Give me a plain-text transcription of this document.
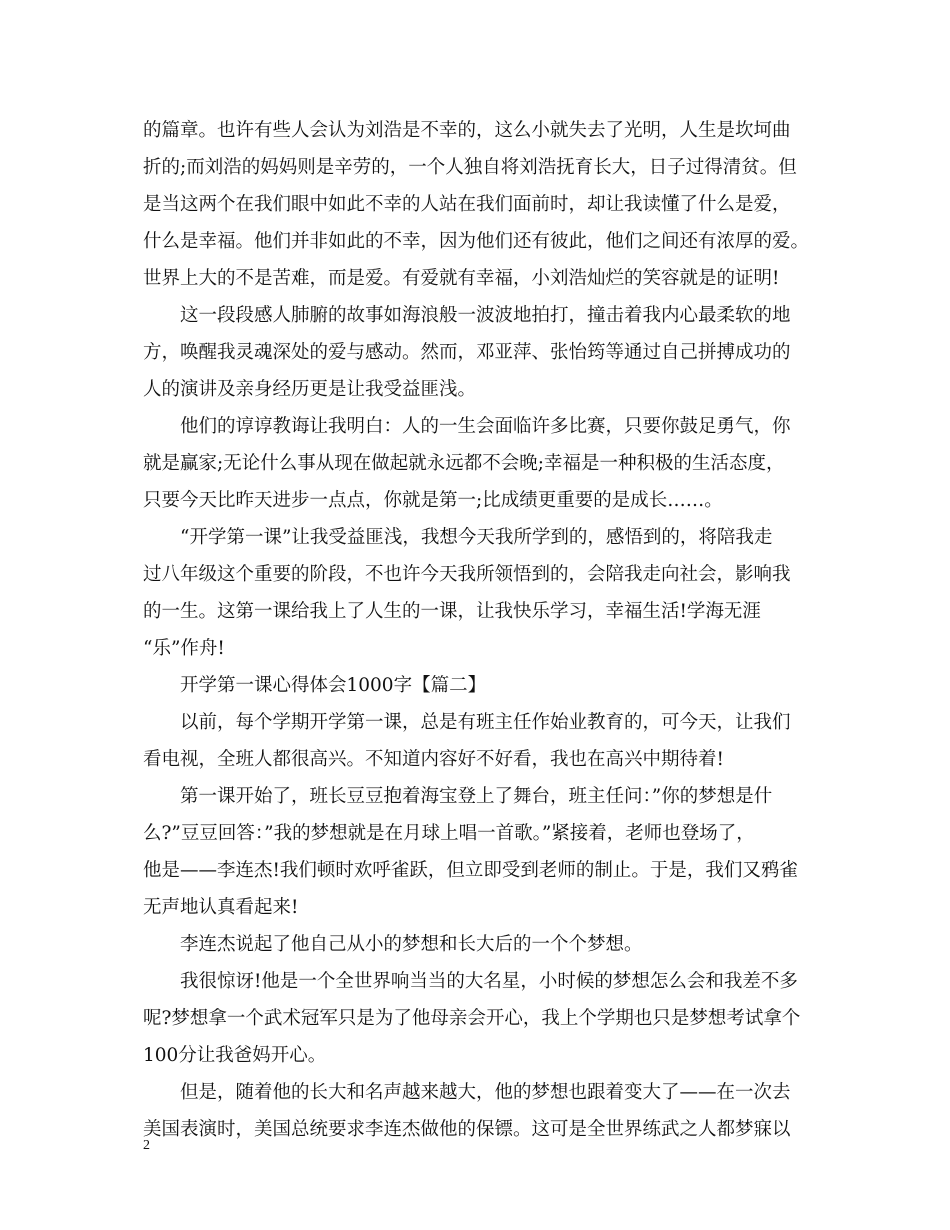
的篇章。也许有些人会认为刘浩是不幸的，这么小就失去了光明，人生是坎坷曲
折的;而刘浩的妈妈则是辛劳的，一个人独自将刘浩抚育长大，日子过得清贫。但
是当这两个在我们眼中如此不幸的人站在我们面前时，却让我读懂了什么是爱，
什么是幸福。他们并非如此的不幸，因为他们还有彼此，他们之间还有浓厚的爱。
世界上大的不是苦难，而是爱。有爱就有幸福，小刘浩灿烂的笑容就是的证明!
这一段段感人肺腑的故事如海浪般一波波地拍打，撞击着我内心最柔软的地
方，唤醒我灵魂深处的爱与感动。然而，邓亚萍、张怡筠等通过自己拼搏成功的
人的演讲及亲身经历更是让我受益匪浅。
他们的谆谆教诲让我明白：人的一生会面临许多比赛，只要你鼓足勇气，你
就是赢家;无论什么事从现在做起就永远都不会晚;幸福是一种积极的生活态度，
只要今天比昨天进步一点点，你就是第一;比成绩更重要的是成长……。
“开学第一课”让我受益匪浅，我想今天我所学到的，感悟到的，将陪我走
过八年级这个重要的阶段，不也许今天我所领悟到的，会陪我走向社会，影响我
的一生。这第一课给我上了人生的一课，让我快乐学习，幸福生活!学海无涯
“乐”作舟!
开学第一课心得体会1000字【篇二】
以前，每个学期开学第一课，总是有班主任作始业教育的，可今天，让我们
看电视，全班人都很高兴。不知道内容好不好看，我也在高兴中期待着!
第一课开始了，班长豆豆抱着海宝登上了舞台，班主任问：”你的梦想是什
么?”豆豆回答：”我的梦想就是在月球上唱一首歌。”紧接着，老师也登场了，
他是——李连杰!我们顿时欢呼雀跃，但立即受到老师的制止。于是，我们又鸦雀
无声地认真看起来!
李连杰说起了他自己从小的梦想和长大后的一个个梦想。
我很惊讶!他是一个全世界响当当的大名星，小时候的梦想怎么会和我差不多
呢?梦想拿一个武术冠军只是为了他母亲会开心，我上个学期也只是梦想考试拿个
100分让我爸妈开心。
但是，随着他的长大和名声越来越大，他的梦想也跟着变大了——在一次去
美国表演时，美国总统要求李连杰做他的保镖。这可是全世界练武之人都梦寐以
2
